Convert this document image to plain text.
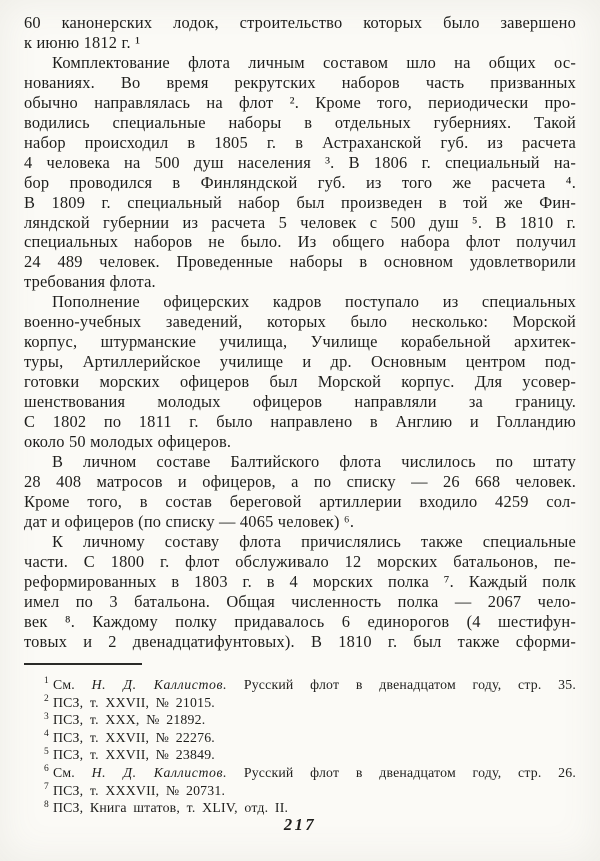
60 канонерских лодок, строительство которых было завершено
к июню 1812 г. ¹
Комплектование флота личным составом шло на общих ос-
нованиях. Во время рекрутских наборов часть призванных
обычно направлялась на флот ². Кроме того, периодически про-
водились специальные наборы в отдельных губерниях. Такой
набор происходил в 1805 г. в Астраханской губ. из расчета
4 человека на 500 душ населения ³. В 1806 г. специальный на-
бор проводился в Финляндской губ. из того же расчета ⁴.
В 1809 г. специальный набор был произведен в той же Фин-
ляндской губернии из расчета 5 человек с 500 душ ⁵. В 1810 г.
специальных наборов не было. Из общего набора флот получил
24 489 человек. Проведенные наборы в основном удовлетворили
требования флота.
Пополнение офицерских кадров поступало из специальных
военно-учебных заведений, которых было несколько: Морской
корпус, штурманские училища, Училище корабельной архитек-
туры, Артиллерийское училище и др. Основным центром под-
готовки морских офицеров был Морской корпус. Для усовер-
шенствования молодых офицеров направляли за границу.
С 1802 по 1811 г. было направлено в Англию и Голландию
около 50 молодых офицеров.
В личном составе Балтийского флота числилось по штату
28 408 матросов и офицеров, а по списку — 26 668 человек.
Кроме того, в состав береговой артиллерии входило 4259 сол-
дат и офицеров (по списку — 4065 человек) ⁶.
К личному составу флота причислялись также специальные
части. С 1800 г. флот обслуживало 12 морских батальонов, пе-
реформированных в 1803 г. в 4 морских полка ⁷. Каждый полк
имел по 3 батальона. Общая численность полка — 2067 чело-
век ⁸. Каждому полку придавалось 6 единорогов (4 шестифун-
товых и 2 двенадцатифунтовых). В 1810 г. был также сформи-
$^1$ См. Н. Д. Каллистов. Русский флот в двенадцатом году, стр. 35.
$^2$ ПСЗ, т. XXVII, № 21015.
$^3$ ПСЗ, т. XXX, № 21892.
$^4$ ПСЗ, т. XXVII, № 22276.
$^5$ ПСЗ, т. XXVII, № 23849.
$^6$ См. Н. Д. Каллистов. Русский флот в двенадцатом году, стр. 26.
$^7$ ПСЗ, т. XXXVII, № 20731.
$^8$ ПСЗ, Книга штатов, т. XLIV, отд. II.
217
